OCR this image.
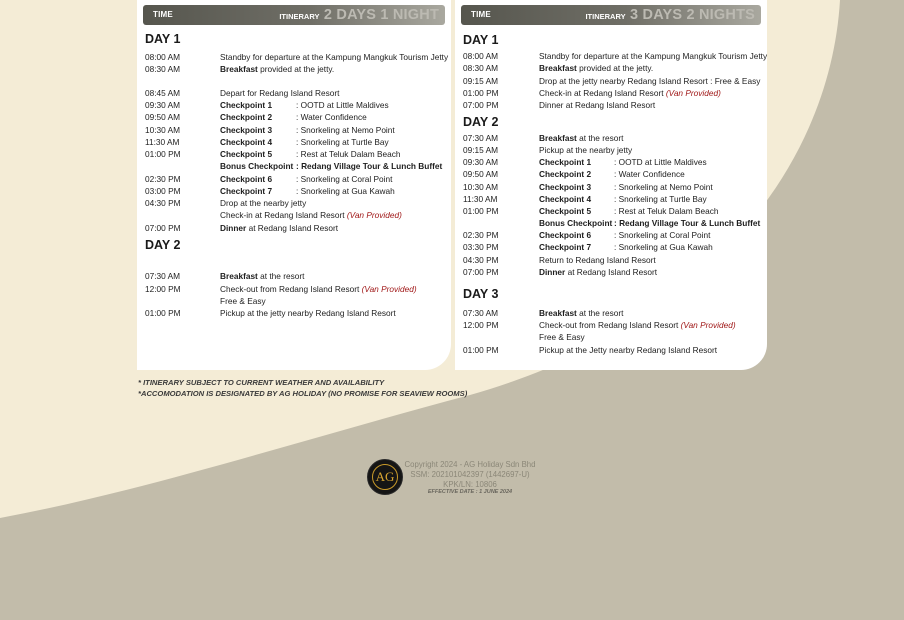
TIME	ITINERARY 2 DAYS 1 NIGHT
DAY 1
08:00 AM	Standby for departure at the Kampung Mangkuk Tourism Jetty
08:30 AM	Breakfast provided at the jetty.
08:45 AM	Depart for Redang Island Resort
09:30 AM	Checkpoint 1	: OOTD at Little Maldives
09:50 AM	Checkpoint 2	: Water Confidence
10:30 AM	Checkpoint 3	: Snorkeling at Nemo Point
11:30 AM	Checkpoint 4	: Snorkeling at Turtle Bay
01:00 PM	Checkpoint 5	: Rest at Teluk Dalam Beach
Bonus Checkpoint : Redang Village Tour & Lunch Buffet
02:30 PM	Checkpoint 6	: Snorkeling at Coral Point
03:00 PM	Checkpoint 7	: Snorkeling at Gua Kawah
04:30 PM	Drop at the nearby jetty
Check-in at Redang Island Resort (Van Provided)
07:00 PM	Dinner at Redang Island Resort
DAY 2
07:30 AM	Breakfast at the resort
12:00 PM	Check-out from Redang Island Resort (Van Provided)
Free & Easy
01:00 PM	Pickup at the jetty nearby Redang Island Resort
TIME	ITINERARY 3 DAYS 2 NIGHTS
DAY 1
08:00 AM	Standby for departure at the Kampung Mangkuk Tourism Jetty
08:30 AM	Breakfast provided at the jetty.
09:15 AM	Drop at the jetty nearby Redang Island Resort : Free & Easy
01:00 PM	Check-in at Redang Island Resort (Van Provided)
07:00 PM	Dinner at Redang Island Resort
DAY 2
07:30 AM	Breakfast at the resort
09:15 AM	Pickup at the nearby jetty
09:30 AM	Checkpoint 1	: OOTD at Little Maldives
09:50 AM	Checkpoint 2	: Water Confidence
10:30 AM	Checkpoint 3	: Snorkeling at Nemo Point
11:30 AM	Checkpoint 4	: Snorkeling at Turtle Bay
01:00 PM	Checkpoint 5	: Rest at Teluk Dalam Beach
Bonus Checkpoint : Redang Village Tour & Lunch Buffet
02:30 PM	Checkpoint 6	: Snorkeling at Coral Point
03:30 PM	Checkpoint 7	: Snorkeling at Gua Kawah
04:30 PM	Return to Redang Island Resort
07:00 PM	Dinner at Redang Island Resort
DAY 3
07:30 AM	Breakfast at the resort
12:00 PM	Check-out from Redang Island Resort (Van Provided)
Free & Easy
01:00 PM	Pickup at the Jetty nearby Redang Island Resort
* ITINERARY SUBJECT TO CURRENT WEATHER AND AVAILABILITY
*ACCOMODATION IS DESIGNATED BY AG HOLIDAY (NO PROMISE FOR SEAVIEW ROOMS)
AG
Copyright 2024 - AG Holiday Sdn Bhd
SSM: 202101042397 (1442697-U)
KPK/LN: 10806
EFFECTIVE DATE : 1 JUNE 2024
